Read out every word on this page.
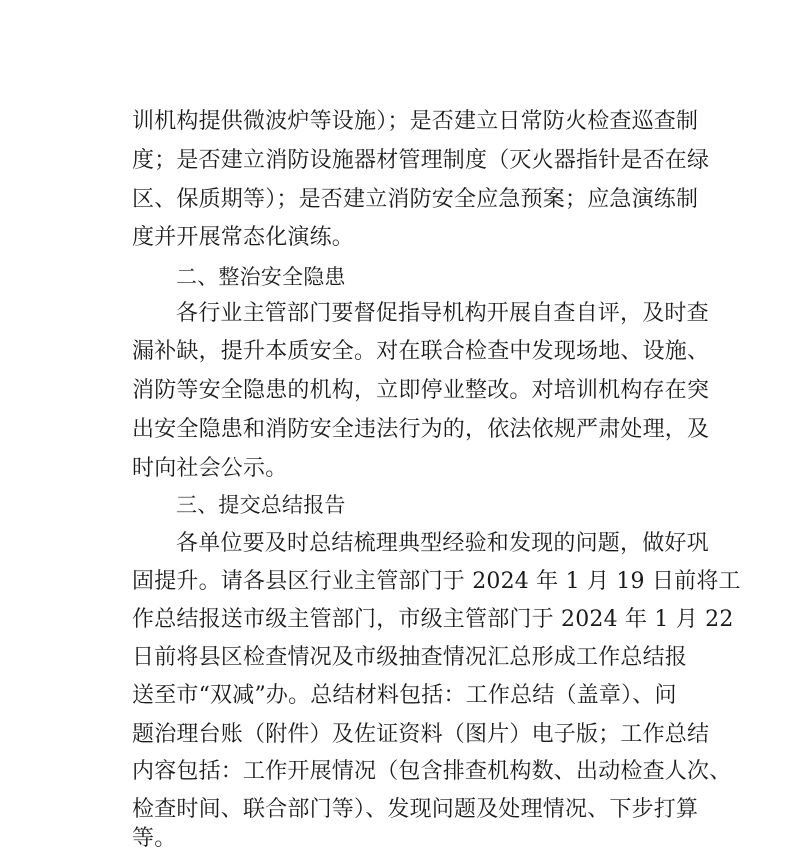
训机构提供微波炉等设施）；是否建立日常防火检查巡查制
度；是否建立消防设施器材管理制度（灭火器指针是否在绿
区、保质期等）；是否建立消防安全应急预案；应急演练制
度并开展常态化演练。
二、整治安全隐患
各行业主管部门要督促指导机构开展自查自评，及时查
漏补缺，提升本质安全。对在联合检查中发现场地、设施、
消防等安全隐患的机构，立即停业整改。对培训机构存在突
出安全隐患和消防安全违法行为的，依法依规严肃处理，及
时向社会公示。
三、提交总结报告
各单位要及时总结梳理典型经验和发现的问题，做好巩
固提升。请各县区行业主管部门于 2024 年 1 月 19 日前将工
作总结报送市级主管部门，市级主管部门于 2024 年 1 月 22
日前将县区检查情况及市级抽查情况汇总形成工作总结报
送至市“双减”办。总结材料包括：工作总结（盖章）、问
题治理台账（附件）及佐证资料（图片）电子版；工作总结
内容包括：工作开展情况（包含排查机构数、出动检查人次、
检查时间、联合部门等）、发现问题及处理情况、下步打算
等。
